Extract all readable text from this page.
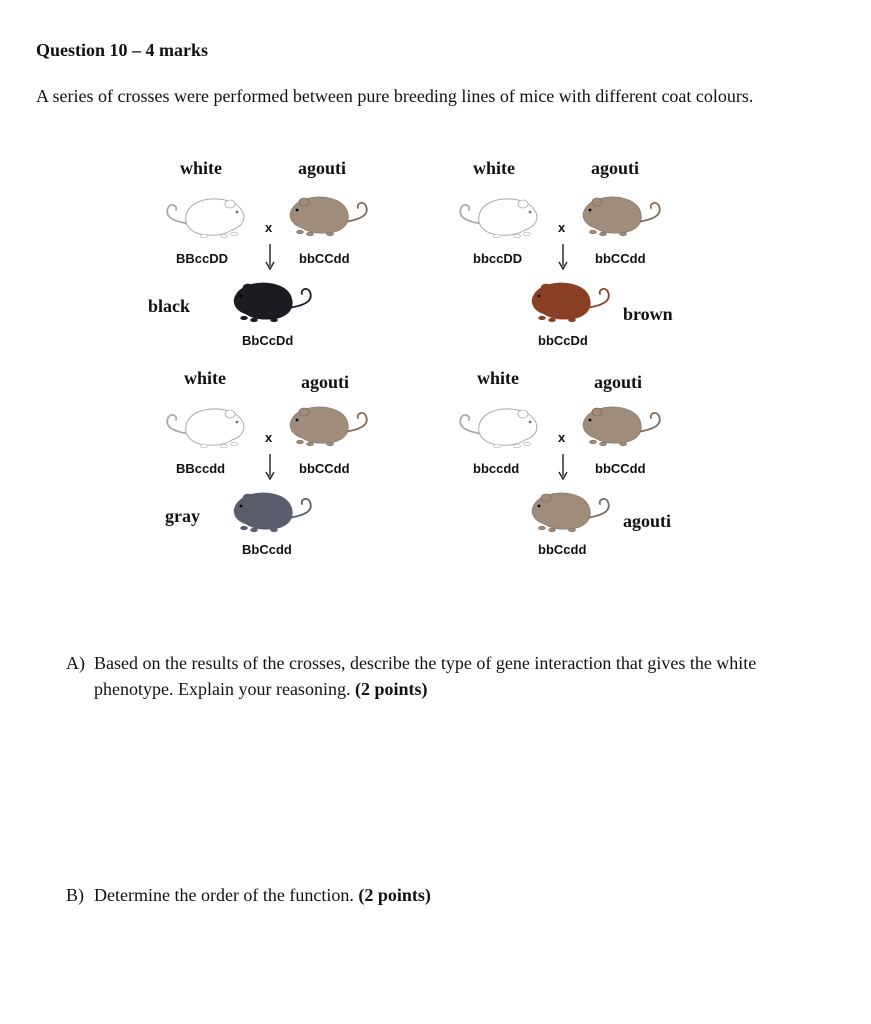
Question 10 – 4 marks
A series of crosses were performed between pure breeding lines of mice with different coat colours.
white	agouti
x
BBccDD	bbCCdd
black
BbCcDd
white	agouti
x
bbccDD	bbCCdd
brown
bbCcDd
white	agouti
x
BBccdd	bbCCdd
gray
BbCcdd
white	agouti
x
bbccdd	bbCCdd
agouti
bbCcdd
A) Based on the results of the crosses, describe the type of gene interaction that gives the white phenotype. Explain your reasoning. (2 points)
B) Determine the order of the function. (2 points)
